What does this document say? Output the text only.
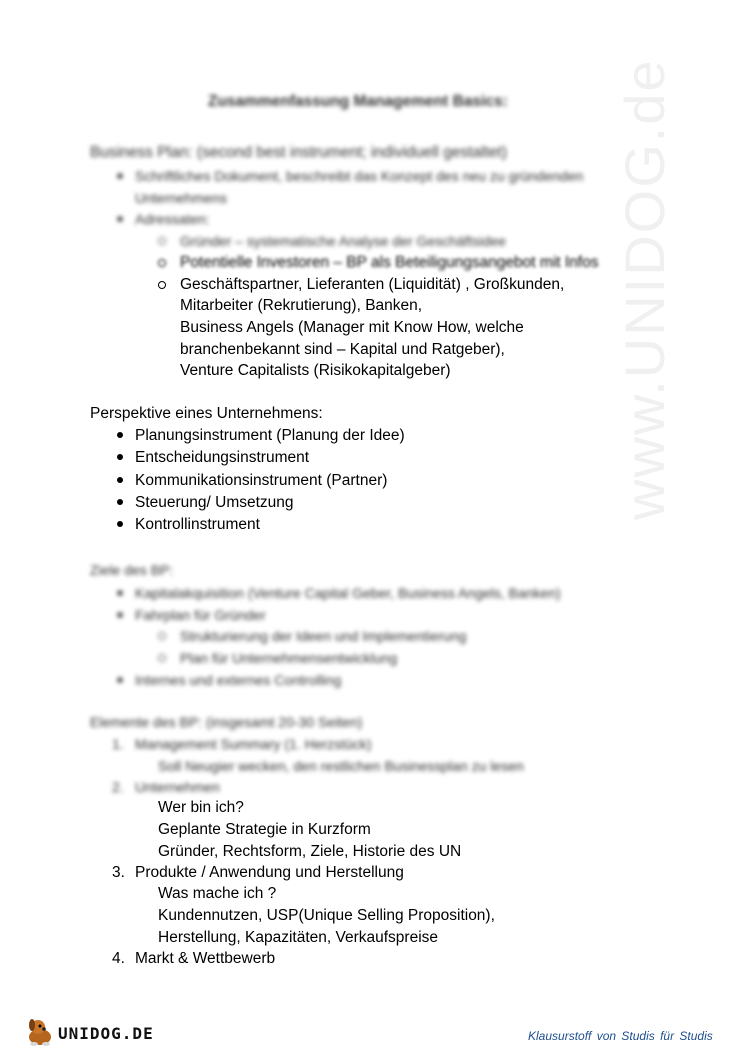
www.UNIDOG.de
Zusammenfassung Management Basics:
Business Plan: (second best instrument; individuell gestaltet)
Schriftliches Dokument, beschreibt das Konzept des neu zu gründenden
Unternehmens
Adressaten:
Gründer – systematische Analyse der Geschäftsidee
Potentielle Investoren – BP als Beteiligungsangebot mit Infos
Geschäftspartner, Lieferanten (Liquidität) , Großkunden,
Mitarbeiter (Rekrutierung), Banken,
Business Angels (Manager mit Know How, welche
branchenbekannt sind – Kapital und Ratgeber),
Venture Capitalists (Risikokapitalgeber)
Perspektive eines Unternehmens:
Planungsinstrument (Planung der Idee)
Entscheidungsinstrument
Kommunikationsinstrument (Partner)
Steuerung/ Umsetzung
Kontrollinstrument
Ziele des BP:
Kapitalakquisition (Venture Capital Geber, Business Angels, Banken)
Fahrplan für Gründer
Strukturierung der Ideen und Implementierung
Plan für Unternehmensentwicklung
Internes und externes Controlling
Elemente des BP: (insgesamt 20-30 Seiten)
1. Management Summary (1. Herzstück)
Soll Neugier wecken, den restlichen Businessplan zu lesen
2. Unternehmen
Wer bin ich?
Geplante Strategie in Kurzform
Gründer, Rechtsform, Ziele, Historie des UN
3. Produkte / Anwendung und Herstellung
Was mache ich ?
Kundennutzen, USP(Unique Selling Proposition),
Herstellung, Kapazitäten, Verkaufspreise
4. Markt & Wettbewerb
UNIDOG.DE	Klausurstoff von Studis für Studis
